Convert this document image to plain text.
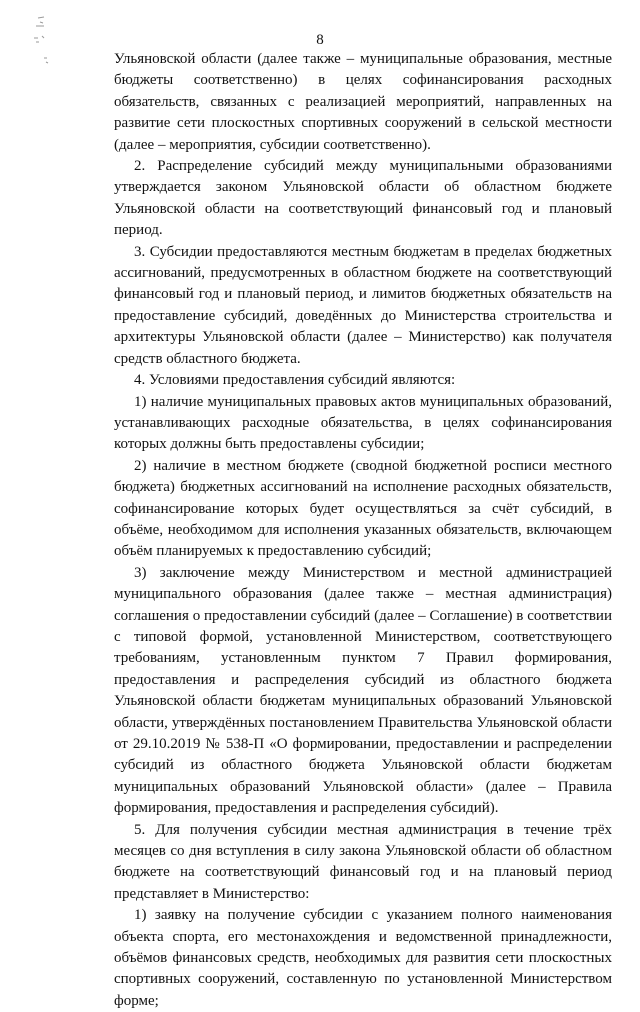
8

Ульяновской области (далее также – муниципальные образования, местные бюджеты соответственно) в целях софинансирования расходных обязательств, связанных с реализацией мероприятий, направленных на развитие сети плоскостных спортивных сооружений в сельской местности (далее – мероприятия, субсидии соответственно).

2. Распределение субсидий между муниципальными образованиями утверждается законом Ульяновской области об областном бюджете Ульяновской области на соответствующий финансовый год и плановый период.

3. Субсидии предоставляются местным бюджетам в пределах бюджетных ассигнований, предусмотренных в областном бюджете на соответствующий финансовый год и плановый период, и лимитов бюджетных обязательств на предоставление субсидий, доведённых до Министерства строительства и архитектуры Ульяновской области (далее – Министерство) как получателя средств областного бюджета.

4. Условиями предоставления субсидий являются:

1) наличие муниципальных правовых актов муниципальных образований, устанавливающих расходные обязательства, в целях софинансирования которых должны быть предоставлены субсидии;

2) наличие в местном бюджете (сводной бюджетной росписи местного бюджета) бюджетных ассигнований на исполнение расходных обязательств, софинансирование которых будет осуществляться за счёт субсидий, в объёме, необходимом для исполнения указанных обязательств, включающем объём планируемых к предоставлению субсидий;

3) заключение между Министерством и местной администрацией муниципального образования (далее также – местная администрация) соглашения о предоставлении субсидий (далее – Соглашение) в соответствии с типовой формой, установленной Министерством, соответствующего требованиям, установленным пунктом 7 Правил формирования, предоставления и распределения субсидий из областного бюджета Ульяновской области бюджетам муниципальных образований Ульяновской области, утверждённых постановлением Правительства Ульяновской области от 29.10.2019 № 538-П «О формировании, предоставлении и распределении субсидий из областного бюджета Ульяновской области бюджетам муниципальных образований Ульяновской области» (далее – Правила формирования, предоставления и распределения субсидий).

5. Для получения субсидии местная администрация в течение трёх месяцев со дня вступления в силу закона Ульяновской области об областном бюджете на соответствующий финансовый год и на плановый период представляет в Министерство:

1) заявку на получение субсидии с указанием полного наименования объекта спорта, его местонахождения и ведомственной принадлежности, объёмов финансовых средств, необходимых для развития сети плоскостных спортивных сооружений, составленную по установленной Министерством форме;
